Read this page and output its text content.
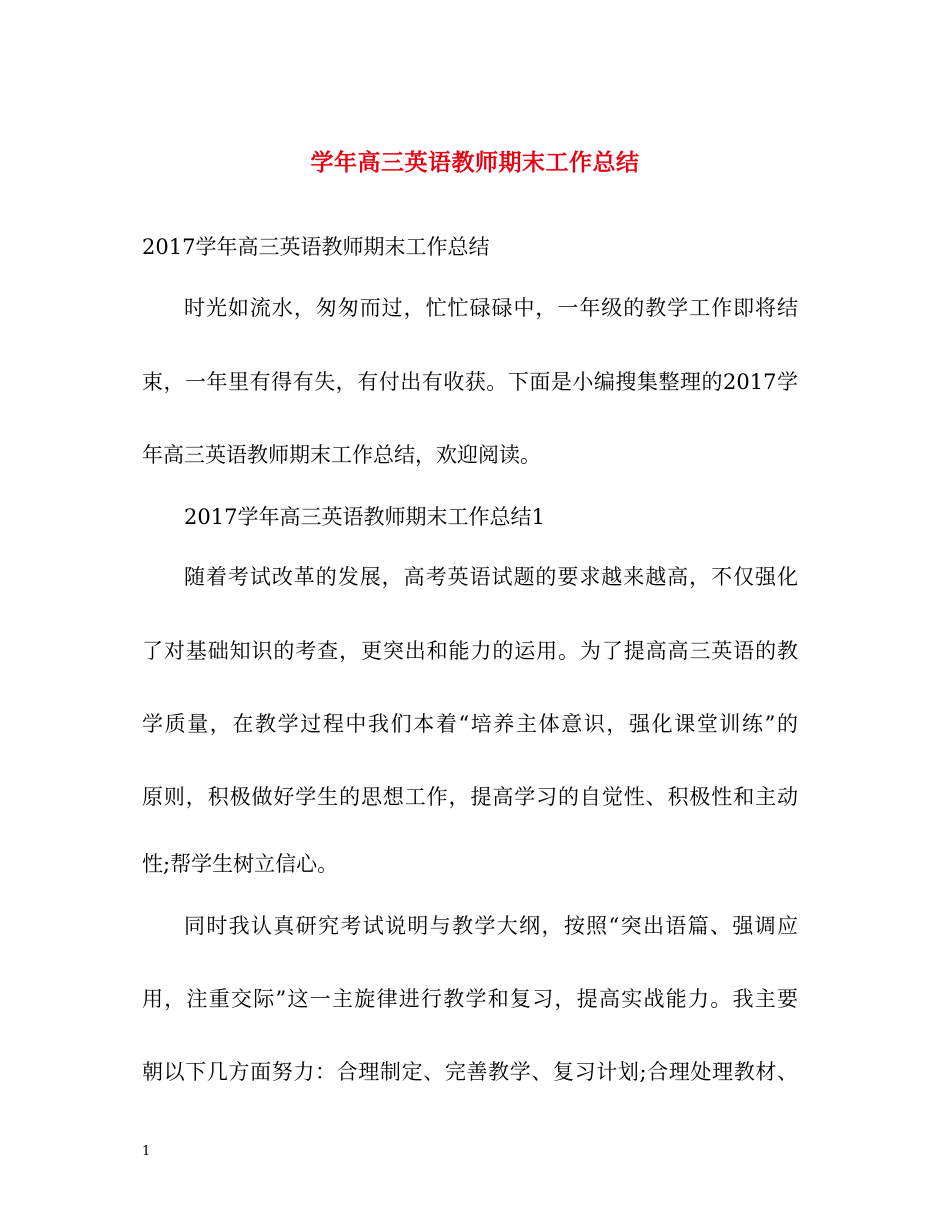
学年高三英语教师期末工作总结
2017学年高三英语教师期末工作总结
时光如流水，匆匆而过，忙忙碌碌中，一年级的教学工作即将结
束，一年里有得有失，有付出有收获。下面是小编搜集整理的2017学
年高三英语教师期末工作总结，欢迎阅读。
2017学年高三英语教师期末工作总结1
随着考试改革的发展，高考英语试题的要求越来越高，不仅强化
了对基础知识的考查，更突出和能力的运用。为了提高高三英语的教
学质量，在教学过程中我们本着“培养主体意识，强化课堂训练”的
原则，积极做好学生的思想工作，提高学习的自觉性、积极性和主动
性;帮学生树立信心。
同时我认真研究考试说明与教学大纲，按照“突出语篇、强调应
用，注重交际”这一主旋律进行教学和复习，提高实战能力。我主要
朝以下几方面努力：合理制定、完善教学、复习计划;合理处理教材、
1
